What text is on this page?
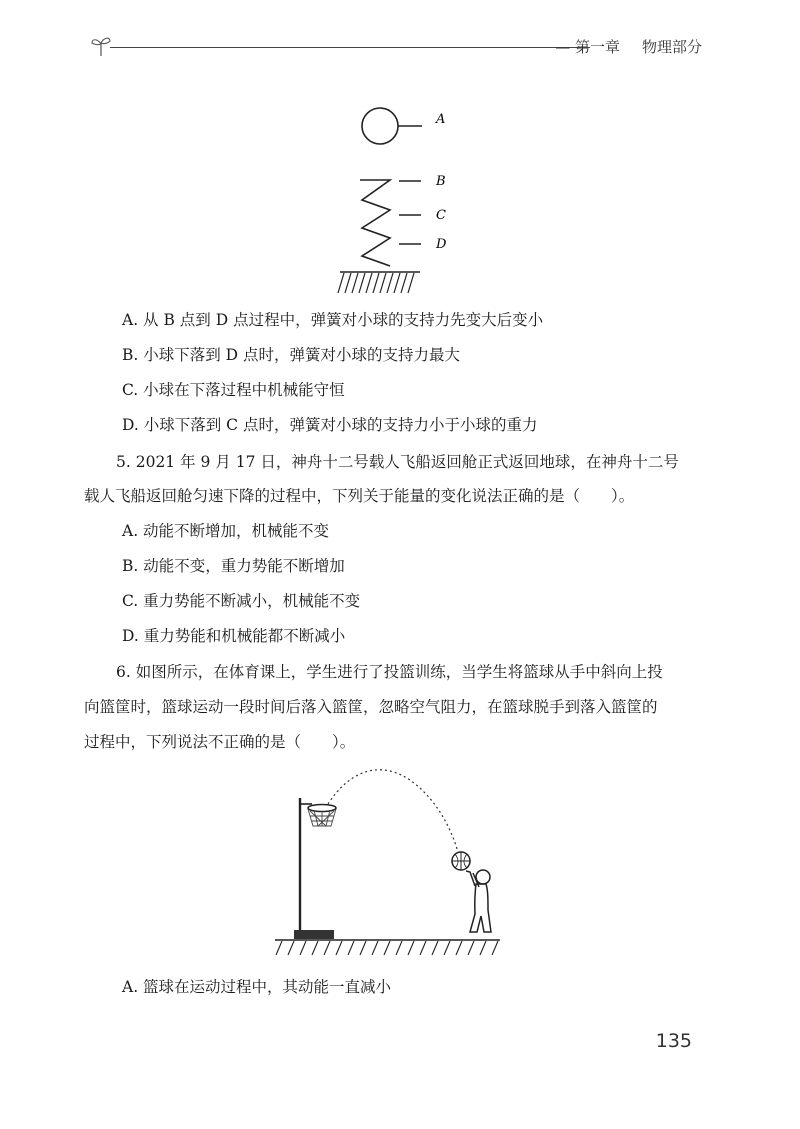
— 第一章 物理部分
A
B
C
D
A. 从 B 点到 D 点过程中，弹簧对小球的支持力先变大后变小
B. 小球下落到 D 点时，弹簧对小球的支持力最大
C. 小球在下落过程中机械能守恒
D. 小球下落到 C 点时，弹簧对小球的支持力小于小球的重力
5. 2021 年 9 月 17 日，神舟十二号载人飞船返回舱正式返回地球，在神舟十二号
载人飞船返回舱匀速下降的过程中，下列关于能量的变化说法正确的是（　　）。
A. 动能不断增加，机械能不变
B. 动能不变，重力势能不断增加
C. 重力势能不断减小，机械能不变
D. 重力势能和机械能都不断减小
6. 如图所示，在体育课上，学生进行了投篮训练，当学生将篮球从手中斜向上投
向篮筐时，篮球运动一段时间后落入篮筐，忽略空气阻力，在篮球脱手到落入篮筐的
过程中，下列说法不正确的是（　　）。
A. 篮球在运动过程中，其动能一直减小
135
